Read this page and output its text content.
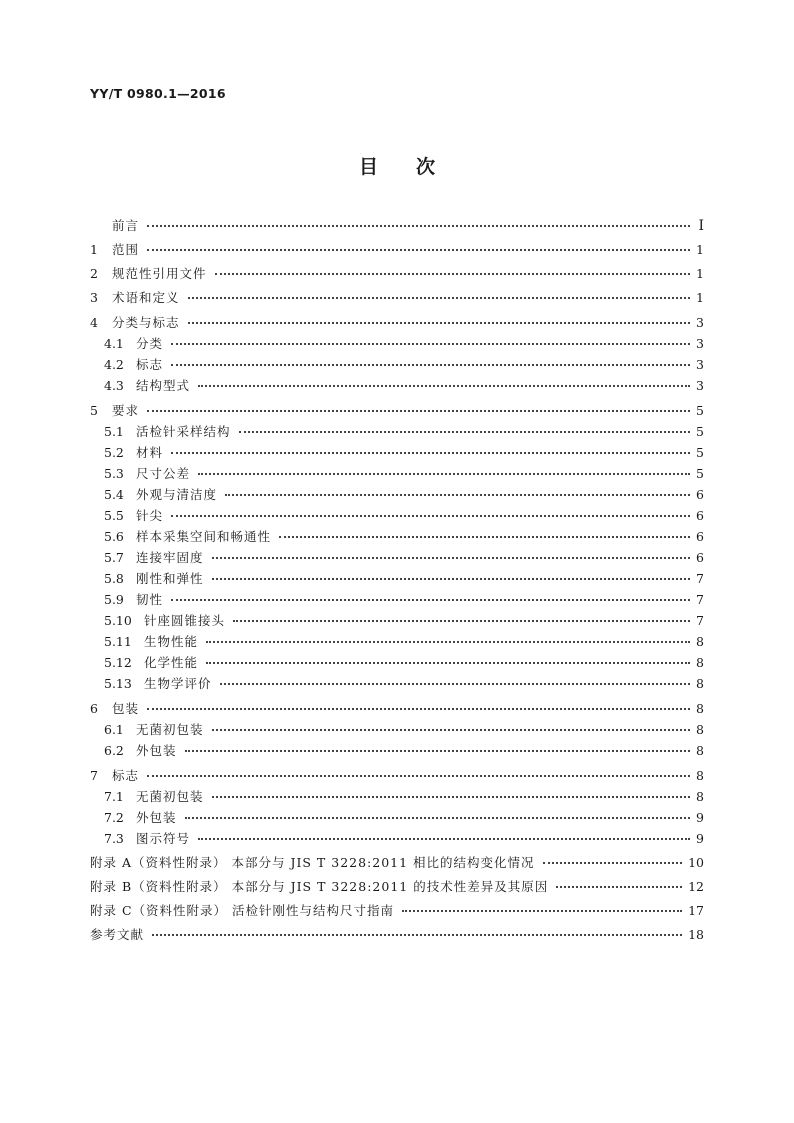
YY/T 0980.1—2016
目次
前言	Ⅰ
1	范围	1
2	规范性引用文件	1
3	术语和定义	1
4	分类与标志	3
4.1 分类	3
4.2 标志	3
4.3 结构型式	3
5	要求	5
5.1 活检针采样结构	5
5.2 材料	5
5.3 尺寸公差	5
5.4 外观与清洁度	6
5.5 针尖	6
5.6 样本采集空间和畅通性	6
5.7 连接牢固度	6
5.8 刚性和弹性	7
5.9 韧性	7
5.10 针座圆锥接头	7
5.11 生物性能	8
5.12 化学性能	8
5.13 生物学评价	8
6	包装	8
6.1 无菌初包装	8
6.2 外包装	8
7	标志	8
7.1 无菌初包装	8
7.2 外包装	9
7.3 图示符号	9
附录 A（资料性附录） 本部分与 JIS T 3228:2011 相比的结构变化情况	10
附录 B（资料性附录） 本部分与 JIS T 3228:2011 的技术性差异及其原因	12
附录 C（资料性附录） 活检针刚性与结构尺寸指南	17
参考文献	18
